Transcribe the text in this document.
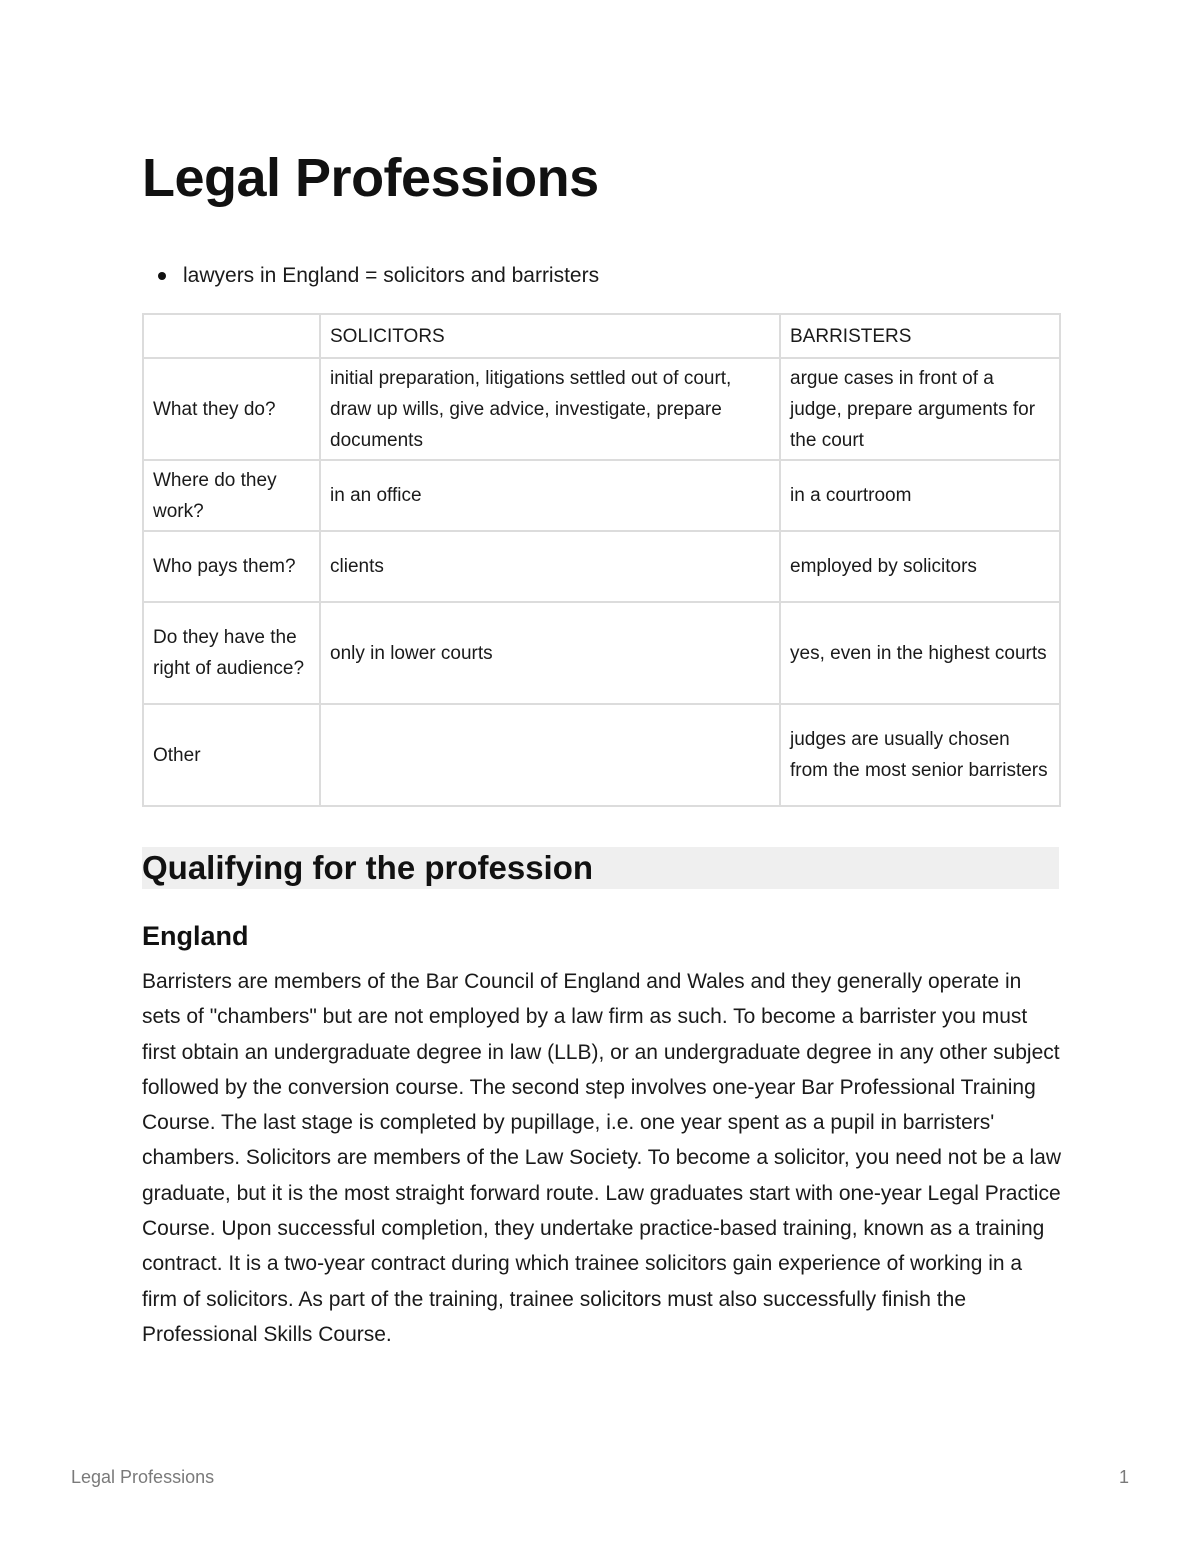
Legal Professions
lawyers in England = solicitors and barristers
	SOLICITORS	BARRISTERS
What they do?	initial preparation, litigations settled out of court, draw up wills, give advice, investigate, prepare documents	argue cases in front of a judge, prepare arguments for the court
Where do they work?	in an office	in a courtroom
Who pays them?	clients	employed by solicitors
Do they have the right of audience?	only in lower courts	yes, even in the highest courts
Other		judges are usually chosen from the most senior barristers
Qualifying for the profession
England

Barristers are members of the Bar Council of England and Wales and they generally operate in sets of "chambers" but are not employed by a law firm as such. To become a barrister you must first obtain an undergraduate degree in law (LLB), or an undergraduate degree in any other subject followed by the conversion course. The second step involves one-year Bar Professional Training Course. The last stage is completed by pupillage, i.e. one year spent as a pupil in barristers' chambers. Solicitors are members of the Law Society. To become a solicitor, you need not be a law graduate, but it is the most straight forward route. Law graduates start with one-year Legal Practice Course. Upon successful completion, they undertake practice-based training, known as a training contract. It is a two-year contract during which trainee solicitors gain experience of working in a firm of solicitors. As part of the training, trainee solicitors must also successfully finish the Professional Skills Course.

Legal Professions	1
